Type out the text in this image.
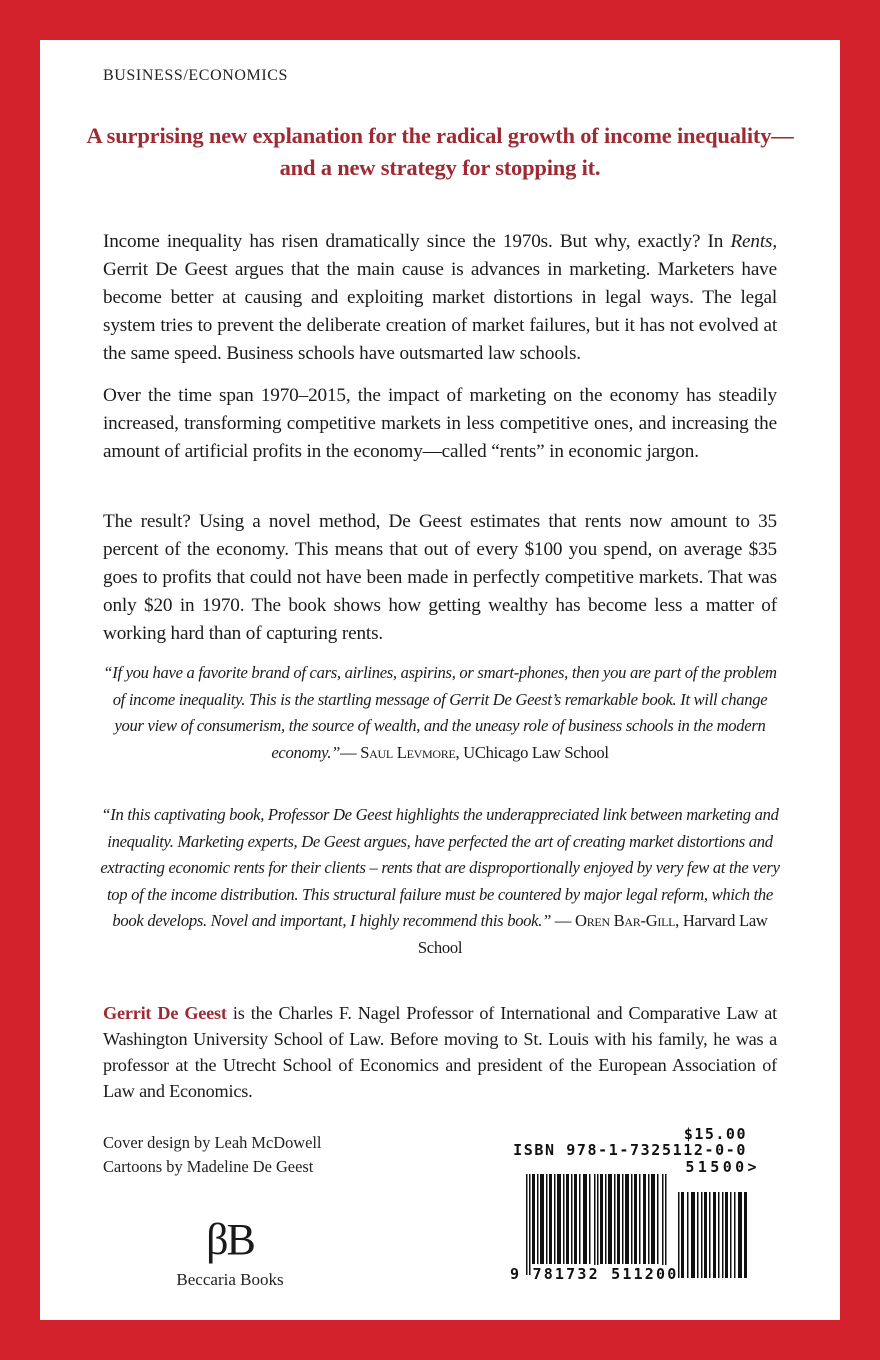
BUSINESS/ECONOMICS
A surprising new explanation for the radical growth of income inequality—and a new strategy for stopping it.

Income inequality has risen dramatically since the 1970s. But why, exactly? In Rents, Gerrit De Geest argues that the main cause is advances in marketing. Marketers have become better at causing and exploiting market distortions in legal ways. The legal system tries to prevent the deliberate creation of market failures, but it has not evolved at the same speed. Business schools have outsmarted law schools.

Over the time span 1970–2015, the impact of marketing on the economy has steadily increased, transforming competitive markets in less competitive ones, and increasing the amount of artificial profits in the economy—called “rents” in economic jargon.

The result? Using a novel method, De Geest estimates that rents now amount to 35 percent of the economy. This means that out of every $100 you spend, on average $35 goes to profits that could not have been made in perfectly competitive markets. That was only $20 in 1970. The book shows how getting wealthy has become less a matter of working hard than of capturing rents.

“If you have a favorite brand of cars, airlines, aspirins, or smart-phones, then you are part of the problem of income inequality. This is the startling message of Gerrit De Geest’s remarkable book. It will change your view of consumerism, the source of wealth, and the uneasy role of business schools in the modern economy.”— Saul Levmore, UChicago Law School

“In this captivating book, Professor De Geest highlights the underappreciated link between marketing and inequality. Marketing experts, De Geest argues, have perfected the art of creating market distortions and extracting economic rents for their clients – rents that are disproportionally enjoyed by very few at the very top of the income distribution. This structural failure must be countered by major legal reform, which the book develops. Novel and important, I highly recommend this book.” — Oren Bar-Gill, Harvard Law School

Gerrit De Geest is the Charles F. Nagel Professor of International and Comparative Law at Washington University School of Law. Before moving to St. Louis with his family, he was a professor at the Utrecht School of Economics and president of the European Association of Law and Economics.

Cover design by Leah McDowell
Cartoons by Madeline De Geest
βB
Beccaria Books
$15.00
ISBN 978-1-7325112-0-0
51500>
9 781732 511200
